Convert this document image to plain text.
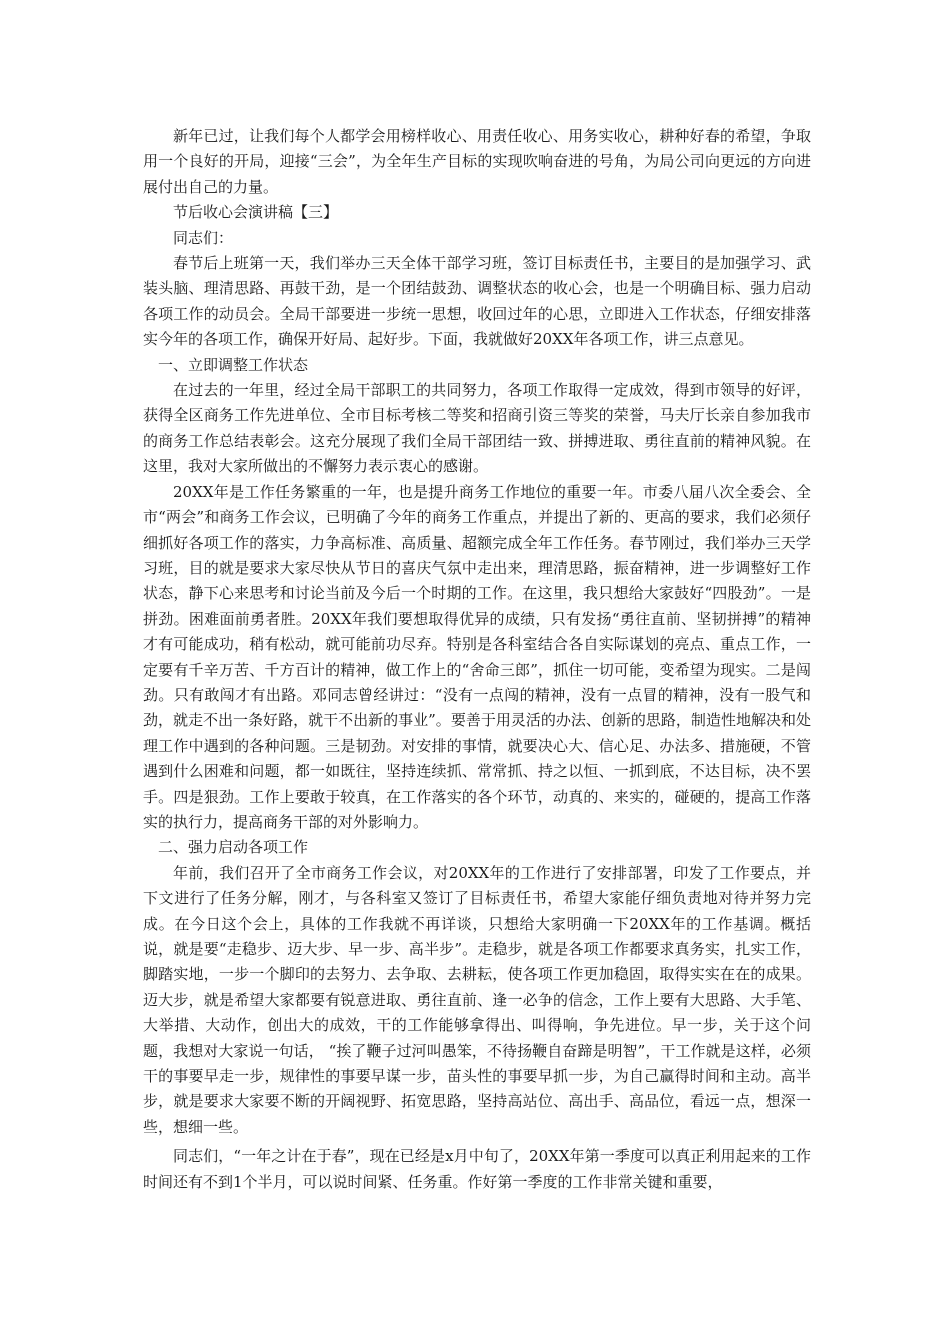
新年已过，让我们每个人都学会用榜样收心、用责任收心、用务实收心，耕种好春的希望，争取用一个良好的开局，迎接“三会”，为全年生产目标的实现吹响奋进的号角，为局公司向更远的方向进展付出自己的力量。

节后收心会演讲稿【三】

同志们：

春节后上班第一天，我们举办三天全体干部学习班，签订目标责任书，主要目的是加强学习、武装头脑、理清思路、再鼓干劲，是一个团结鼓劲、调整状态的收心会，也是一个明确目标、强力启动各项工作的动员会。全局干部要进一步统一思想，收回过年的心思，立即进入工作状态，仔细安排落实今年的各项工作，确保开好局、起好步。下面，我就做好20XX年各项工作，讲三点意见。

一、立即调整工作状态

在过去的一年里，经过全局干部职工的共同努力，各项工作取得一定成效，得到市领导的好评，获得全区商务工作先进单位、全市目标考核二等奖和招商引资三等奖的荣誉，马夫厅长亲自参加我市的商务工作总结表彰会。这充分展现了我们全局干部团结一致、拼搏进取、勇往直前的精神风貌。在这里，我对大家所做出的不懈努力表示衷心的感谢。

20XX年是工作任务繁重的一年，也是提升商务工作地位的重要一年。市委八届八次全委会、全市“两会”和商务工作会议，已明确了今年的商务工作重点，并提出了新的、更高的要求，我们必须仔细抓好各项工作的落实，力争高标准、高质量、超额完成全年工作任务。春节刚过，我们举办三天学习班，目的就是要求大家尽快从节日的喜庆气氛中走出来，理清思路，振奋精神，进一步调整好工作状态，静下心来思考和讨论当前及今后一个时期的工作。在这里，我只想给大家鼓好“四股劲”。一是拼劲。困难面前勇者胜。20XX年我们要想取得优异的成绩，只有发扬“勇往直前、坚韧拼搏”的精神才有可能成功，稍有松动，就可能前功尽弃。特别是各科室结合各自实际谋划的亮点、重点工作，一定要有千辛万苦、千方百计的精神，做工作上的“舍命三郎”，抓住一切可能，变希望为现实。二是闯劲。只有敢闯才有出路。邓同志曾经讲过：“没有一点闯的精神，没有一点冒的精神，没有一股气和劲，就走不出一条好路，就干不出新的事业”。要善于用灵活的办法、创新的思路，制造性地解决和处理工作中遇到的各种问题。三是韧劲。对安排的事情，就要决心大、信心足、办法多、措施硬，不管遇到什么困难和问题，都一如既往，坚持连续抓、常常抓、持之以恒、一抓到底，不达目标，决不罢手。四是狠劲。工作上要敢于较真，在工作落实的各个环节，动真的、来实的，碰硬的，提高工作落实的执行力，提高商务干部的对外影响力。

二、强力启动各项工作

年前，我们召开了全市商务工作会议，对20XX年的工作进行了安排部署，印发了工作要点，并下文进行了任务分解，刚才，与各科室又签订了目标责任书，希望大家能仔细负责地对待并努力完成。在今日这个会上，具体的工作我就不再详谈，只想给大家明确一下20XX年的工作基调。概括说，就是要“走稳步、迈大步、早一步、高半步”。走稳步，就是各项工作都要求真务实，扎实工作，脚踏实地，一步一个脚印的去努力、去争取、去耕耘，使各项工作更加稳固，取得实实在在的成果。迈大步，就是希望大家都要有锐意进取、勇往直前、逢一必争的信念，工作上要有大思路、大手笔、大举措、大动作，创出大的成效，干的工作能够拿得出、叫得响，争先进位。早一步，关于这个问题，我想对大家说一句话， “挨了鞭子过河叫愚笨，不待扬鞭自奋蹄是明智”，干工作就是这样，必须干的事要早走一步，规律性的事要早谋一步，苗头性的事要早抓一步，为自己赢得时间和主动。高半步，就是要求大家要不断的开阔视野、拓宽思路，坚持高站位、高出手、高品位，看远一点，想深一些，想细一些。

同志们，“一年之计在于春”，现在已经是x月中旬了，20XX年第一季度可以真正利用起来的工作时间还有不到1个半月，可以说时间紧、任务重。作好第一季度的工作非常关键和重要，
